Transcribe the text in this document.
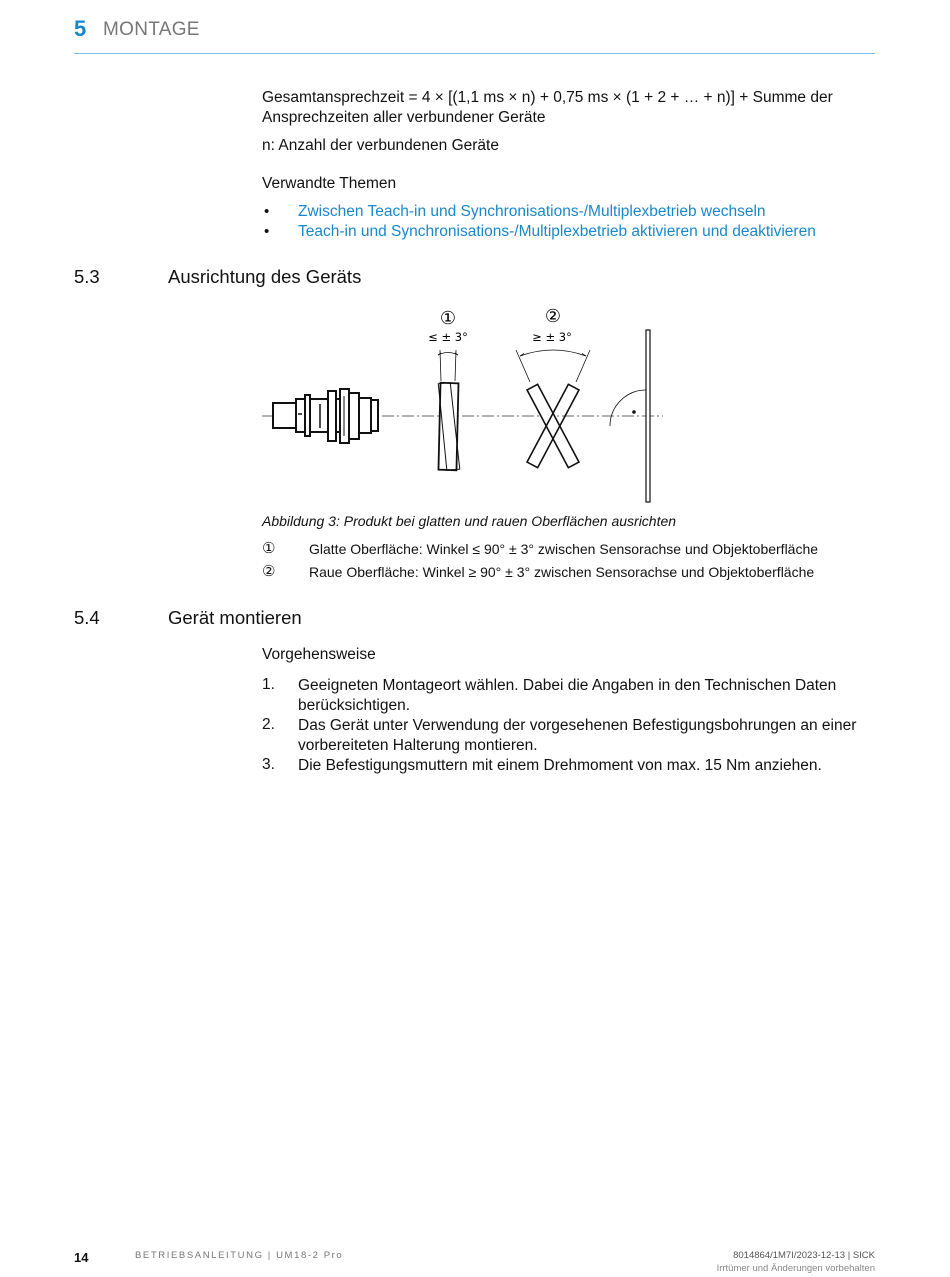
5 MONTAGE
Gesamtansprechzeit = 4 × [(1,1 ms × n) + 0,75 ms × (1 + 2 + … + n)] + Summe der
Ansprechzeiten aller verbundener Geräte
n: Anzahl der verbundenen Geräte
Verwandte Themen
• Zwischen Teach-in und Synchronisations-/Multiplexbetrieb wechseln
• Teach-in und Synchronisations-/Multiplexbetrieb aktivieren und deaktivieren
5.3	Ausrichtung des Geräts
①
≤ ± 3°
②
≥ ± 3°
Abbildung 3: Produkt bei glatten und rauen Oberflächen ausrichten
① Glatte Oberfläche: Winkel ≤ 90° ± 3° zwischen Sensorachse und Objektoberfläche
② Raue Oberfläche: Winkel ≥ 90° ± 3° zwischen Sensorachse und Objektoberfläche
5.4	Gerät montieren
Vorgehensweise
1. Geeigneten Montageort wählen. Dabei die Angaben in den Technischen Daten
berücksichtigen.
2. Das Gerät unter Verwendung der vorgesehenen Befestigungsbohrungen an einer
vorbereiteten Halterung montieren.
3. Die Befestigungsmuttern mit einem Drehmoment von max. 15 Nm anziehen.
14	BETRIEBSANLEITUNG | UM18-2 Pro	8014864/1M7I/2023-12-13 | SICK
Irrtümer und Änderungen vorbehalten
